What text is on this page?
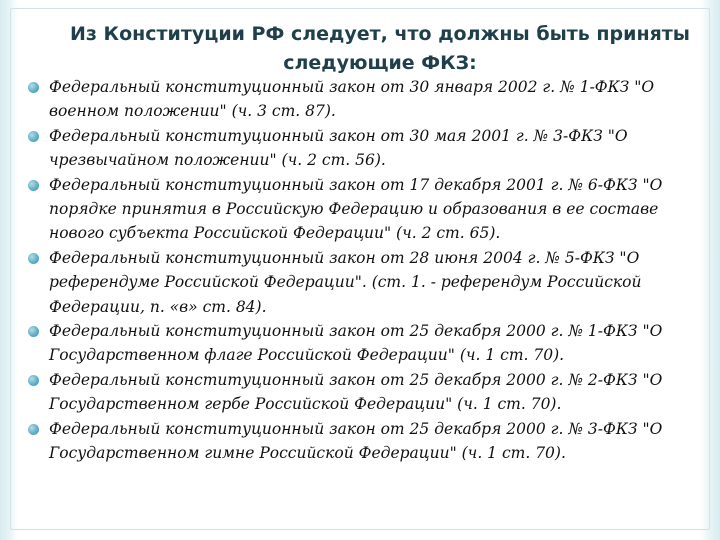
Из Конституции РФ следует, что должны быть приняты
следующие ФКЗ:
Федеральный конституционный закон от 30 января 2002 г. № 1-ФКЗ "О военном положении" (ч. 3 ст. 87).
Федеральный конституционный закон от 30 мая 2001 г. № 3-ФКЗ "О чрезвычайном положении" (ч. 2 ст. 56).
Федеральный конституционный закон от 17 декабря 2001 г. № 6-ФКЗ "О порядке принятия в Российскую Федерацию и образования в ее составе нового субъекта Российской Федерации" (ч. 2 ст. 65).
Федеральный конституционный закон от 28 июня 2004 г. № 5-ФКЗ "О референдуме Российской Федерации". (ст. 1. - референдум Российской Федерации, п. «в» ст. 84).
Федеральный конституционный закон от 25 декабря 2000 г. № 1-ФКЗ "О Государственном флаге Российской Федерации" (ч. 1 ст. 70).
Федеральный конституционный закон от 25 декабря 2000 г. № 2-ФКЗ "О Государственном гербе Российской Федерации" (ч. 1 ст. 70).
Федеральный конституционный закон от 25 декабря 2000 г. № 3-ФКЗ "О Государственном гимне Российской Федерации" (ч. 1 ст. 70).
